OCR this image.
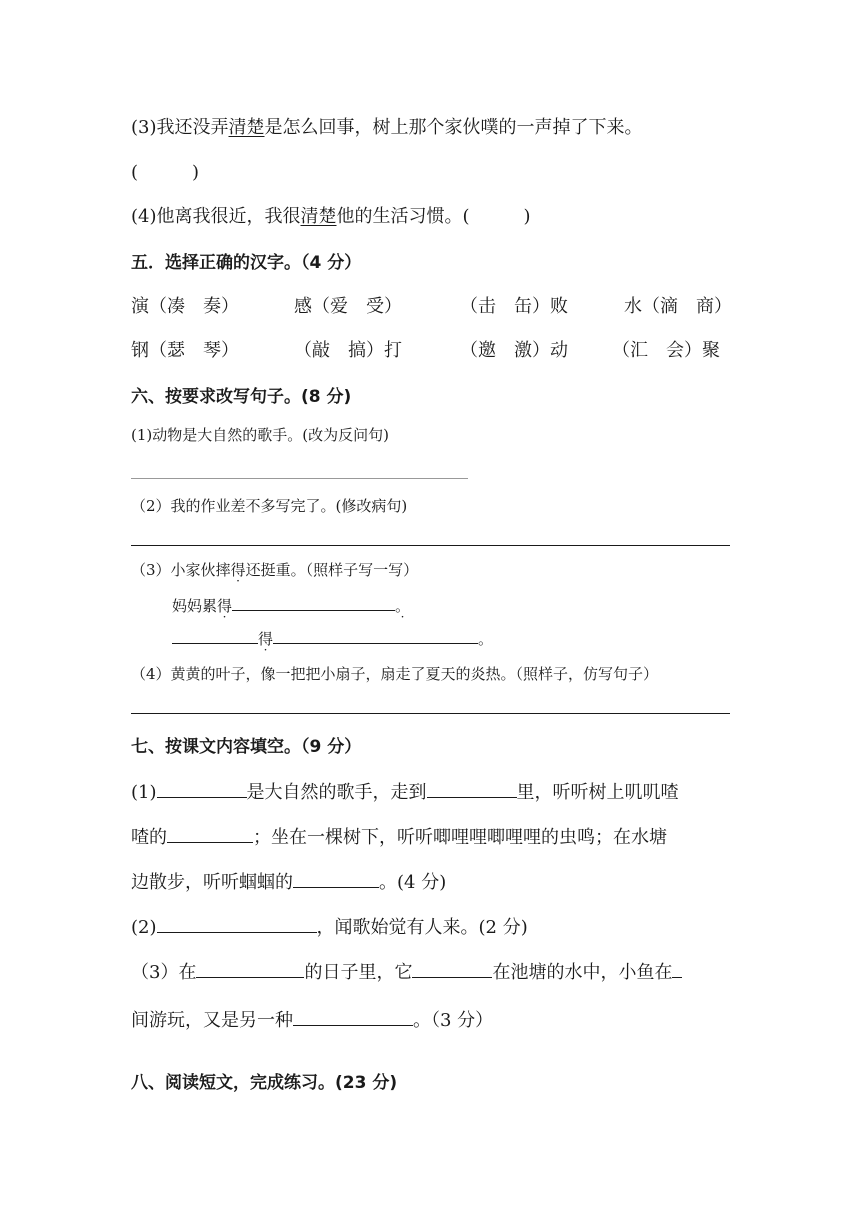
(3)我还没弄清楚是怎么回事，树上那个家伙噗的一声掉了下来。
(　　　)
(4)他离我很近，我很清楚他的生活习惯。(　　　)
五．选择正确的汉字。（4 分）
演（凑　奏）	感（爱　受）	（击　缶）败	水（滴　商）
钢（瑟　琴）	（敲　搞）打	（邀　激）动 （汇　会）聚
六、按要求改写句子。(8 分)
(1)动物是大自然的歌手。(改为反问句)
（2）我的作业差不多写完了。(修改病句)
（3）小家伙摔得还挺重。（照样子写一写）
妈妈累得	。 ·
得	。
（4）黄黄的叶子，像一把把小扇子，扇走了夏天的炎热。（照样子，仿写句子）
七、按课文内容填空。（9 分）
(1)	是大自然的歌手，走到	里，听听树上叽叽喳
喳的	；坐在一棵树下，听听唧哩哩唧哩哩的虫鸣；在水塘
边散步，听听蝈蝈的	。(4 分)
(2)	，闻歌始觉有人来。(2 分)
（3）在	的日子里，它	在池塘的水中，小鱼在
间游玩，又是另一种	。（3 分）
八、阅读短文，完成练习。(23 分)
